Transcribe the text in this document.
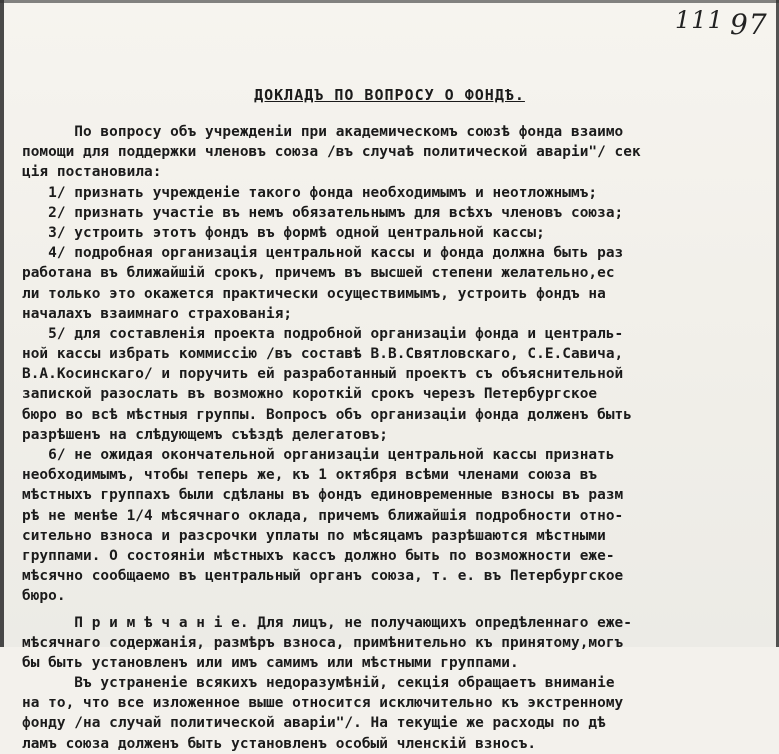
111 97
ДОКЛАДЪ ПО ВОПРОСУ О ФОНДѢ.
По вопросу объ учрежденіи при академическомъ союзѣ фонда взаимо
помощи для поддержки членовъ союза /въ случаѣ политической аваріи"/ сек
ція постановила:
1/ признать учрежденіе такого фонда необходимымъ и неотложнымъ;
2/ признать участіе въ немъ обязательнымъ для всѣхъ членовъ союза;
3/ устроить этотъ фондъ въ формѣ одной центральной кассы;
4/ подробная организація центральной кассы и фонда должна быть раз
работана въ ближайшій срокъ, причемъ въ высшей степени желательно,ес
ли только это окажется практически осуществимымъ, устроить фондъ на
началахъ взаимнаго страхованія;
5/ для составленія проекта подробной организаціи фонда и централь-
ной кассы избрать коммиссію /въ составѣ В.В.Святловскаго, С.Е.Савича,
В.А.Косинскаго/ и поручить ей разработанный проектъ съ объяснительной
запиской разослать въ возможно короткій срокъ черезъ Петербургское
бюро во всѣ мѣстныя группы. Вопросъ объ организаціи фонда долженъ быть
разрѣшенъ на слѣдующемъ съѣздѣ делегатовъ;
6/ не ожидая окончательной организаціи центральной кассы признать
необходимымъ, чтобы теперь же, къ 1 октября всѣми членами союза въ
мѣстныхъ группахъ были сдѣланы въ фондъ единовременные взносы въ разм
рѣ не менѣе 1/4 мѣсячнаго оклада, причемъ ближайшія подробности отно-
сительно взноса и разсрочки уплаты по мѣсяцамъ разрѣшаются мѣстными
группами. О состояніи мѣстныхъ кассъ должно быть по возможности еже-
мѣсячно сообщаемо въ центральный органъ союза, т. е. въ Петербургское
бюро.
П р и м ѣ ч а н і е. Для лицъ, не получающихъ опредѣленнаго еже-
мѣсячнаго содержанія, размѣръ взноса, примѣнительно къ принятому,могъ
бы быть установленъ или имъ самимъ или мѣстными группами.
Въ устраненіе всякихъ недоразумѣній, секція обращаетъ вниманіе
на то, что все изложенное выше относится исключительно къ экстренному
фонду /на случай политической аваріи"/. На текущіе же расходы по дѣ
ламъ союза долженъ быть установленъ особый членскій взносъ.
